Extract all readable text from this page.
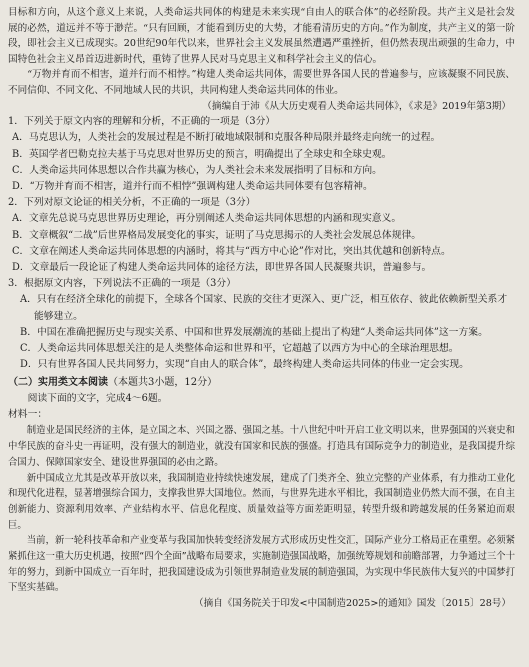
目标和方向，从这个意义上来说，人类命运共同体的构建是未来实现“自由人的联合体”的必经阶段。共产主义是社会发展的必然，道远并不等于渺茫。“只有回顾，才能看到历史的大势，才能看清历史的方向。”作为制度，共产主义的第一阶段，即社会主义已成现实。20世纪90年代以来，世界社会主义发展虽然遭遇严重挫折，但仍然表现出顽强的生命力，中国特色社会主义昂首迈进新时代，重铸了世界人民对马克思主义和科学社会主义的信心。

“万物并育而不相害，道并行而不相悖。”构建人类命运共同体，需要世界各国人民的普遍参与，应该凝聚不同民族、不同信仰、不同文化、不同地域人民的共识，共同构建人类命运共同体的伟业。

（摘编自于沛《从大历史观看人类命运共同体》，《求是》2019年第3期）

1．下列关于原文内容的理解和分析，不正确的一项是（3分）

A．马克思认为，人类社会的发展过程是不断打破地域限制和克服各种局限并最终走向统一的过程。

B．英国学者巴勒克拉夫基于马克思对世界历史的预言，明确提出了全球史和全球史观。

C．人类命运共同体思想以合作共赢为核心，为人类社会未来发展指明了目标和方向。

D．“万物并育而不相害，道并行而不相悖”强调构建人类命运共同体要有包容精神。

2．下列对原文论证的相关分析，不正确的一项是（3分）

A．文章先总说马克思世界历史理论，再分别阐述人类命运共同体思想的内涵和现实意义。

B．文章概叙“二战”后世界格局发展变化的事实，证明了马克思揭示的人类社会发展总体规律。

C．文章在阐述人类命运共同体思想的内涵时，将其与“西方中心论”作对比，突出其优越和创新特点。

D．文章最后一段论证了构建人类命运共同体的途径方法，即世界各国人民凝聚共识，普遍参与。

3．根据原文内容，下列说法不正确的一项是（3分）

A．只有在经济全球化的前提下，全球各个国家、民族的交往才更深入、更广泛，相互依存、彼此依赖新型关系才能够建立。

B．中国在准确把握历史与现实关系、中国和世界发展潮流的基础上提出了构建“人类命运共同体”这一方案。

C．人类命运共同体思想关注的是人类整体命运和世界和平，它超越了以西方为中心的全球治理思想。

D．只有世界各国人民共同努力，实现“自由人的联合体”，最终构建人类命运共同体的伟业一定会实现。

（二）实用类文本阅读（本题共3小题，12分）

阅读下面的文字，完成4～6题。

材料一：

制造业是国民经济的主体，是立国之本、兴国之器、强国之基。十八世纪中叶开启工业文明以来，世界强国的兴衰史和中华民族的奋斗史一再证明，没有强大的制造业，就没有国家和民族的强盛。打造具有国际竞争力的制造业，是我国提升综合国力、保障国家安全、建设世界强国的必由之路。

新中国成立尤其是改革开放以来，我国制造业持续快速发展，建成了门类齐全、独立完整的产业体系，有力推动工业化和现代化进程，显著增强综合国力，支撑我世界大国地位。然而，与世界先进水平相比，我国制造业仍然大而不强，在自主创新能力、资源利用效率、产业结构水平、信息化程度、质量效益等方面差距明显，转型升级和跨越发展的任务紧迫而艰巨。

当前，新一轮科技革命和产业变革与我国加快转变经济发展方式形成历史性交汇，国际产业分工格局正在重塑。必须紧紧抓住这一重大历史机遇，按照“四个全面”战略布局要求，实施制造强国战略，加强统筹规划和前瞻部署，力争通过三个十年的努力，到新中国成立一百年时，把我国建设成为引领世界制造业发展的制造强国，为实现中华民族伟大复兴的中国梦打下坚实基础。

（摘自《国务院关于印发<中国制造2025>的通知》国发〔2015〕28号）
